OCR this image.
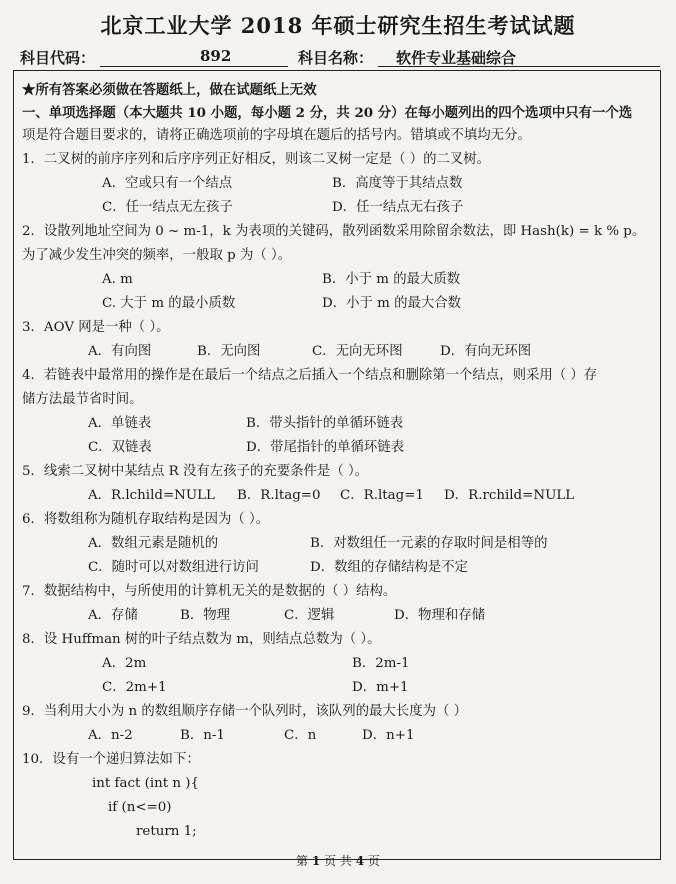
北京工业大学 2018 年硕士研究生招生考试试题
科目代码：	892	科目名称： 软件专业基础综合
★所有答案必须做在答题纸上，做在试题纸上无效
一、单项选择题（本大题共 10 小题，每小题 2 分，共 20 分）在每小题列出的四个选项中只有一个选
项是符合题目要求的，请将正确选项前的字母填在题后的括号内。错填或不填均无分。
1．二叉树的前序序列和后序序列正好相反，则该二叉树一定是（ ）的二叉树。
A．空或只有一个结点	B．高度等于其结点数
C．任一结点无左孩子	D．任一结点无右孩子
2．设散列地址空间为 0 ~ m-1，k 为表项的关键码，散列函数采用除留余数法，即 Hash(k) = k % p。
为了减少发生冲突的频率，一般取 p 为（ ）。
A. m	B．小于 m 的最大质数
C. 大于 m 的最小质数	D．小于 m 的最大合数
3．AOV 网是一种（ ）。
A．有向图	B．无向图	C．无向无环图	D．有向无环图
4．若链表中最常用的操作是在最后一个结点之后插入一个结点和删除第一个结点，则采用（ ）存
储方法最节省时间。
A．单链表	B．带头指针的单循环链表
C．双链表	D．带尾指针的单循环链表
5．线索二叉树中某结点 R 没有左孩子的充要条件是（ ）。
A．R.lchild=NULL B．R.ltag=0 C．R.ltag=1 D．R.rchild=NULL
6．将数组称为随机存取结构是因为（ ）。
A．数组元素是随机的	B．对数组任一元素的存取时间是相等的
C．随时可以对数组进行访问	D．数组的存储结构是不定
7．数据结构中，与所使用的计算机无关的是数据的（ ）结构。
A．存储	B．物理	C．逻辑	D．物理和存储
8．设 Huffman 树的叶子结点数为 m，则结点总数为（ ）。
A．2m	B．2m-1
C．2m+1	D．m+1
9．当利用大小为 n 的数组顺序存储一个队列时，该队列的最大长度为（ ）
A．n-2	B．n-1	C．n	D．n+1
10．设有一个递归算法如下：
int fact (int n ){
if (n<=0)
return 1;
第 1 页 共 4 页
